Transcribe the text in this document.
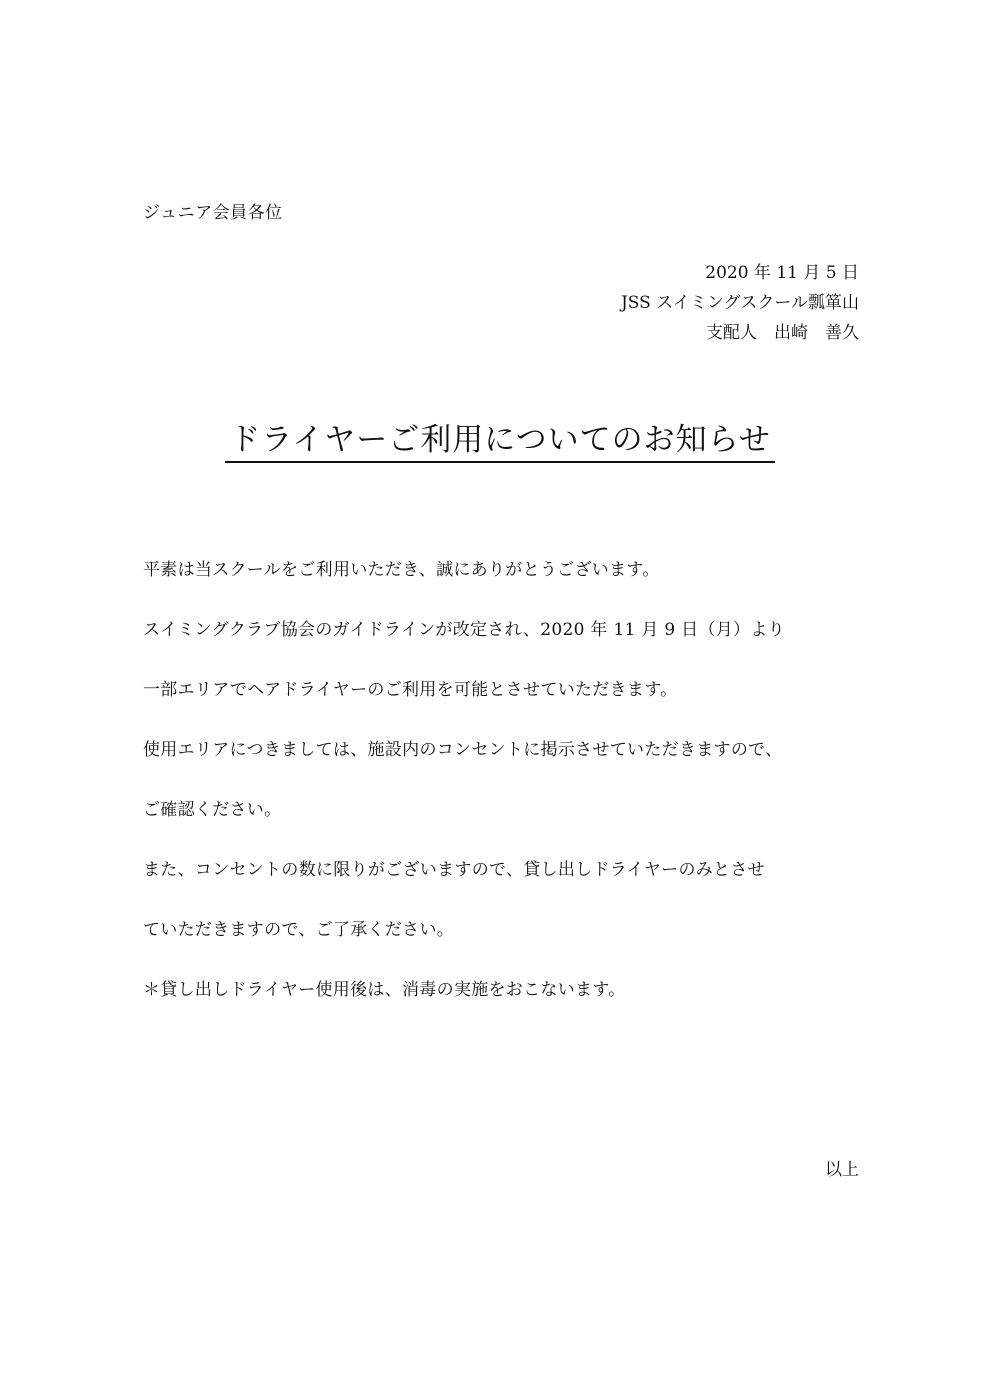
ジュニア会員各位
2020 年 11 月 5 日
JSS スイミングスクール瓢箪山
支配人　出崎　善久
ドライヤーご利用についてのお知らせ
平素は当スクールをご利用いただき、誠にありがとうございます。
スイミングクラブ協会のガイドラインが改定され、2020 年 11 月 9 日（月）より
一部エリアでヘアドライヤーのご利用を可能とさせていただきます。
使用エリアにつきましては、施設内のコンセントに掲示させていただきますので、
ご確認ください。
また、コンセントの数に限りがございますので、貸し出しドライヤーのみとさせ
ていただきますので、ご了承ください。
＊貸し出しドライヤー使用後は、消毒の実施をおこないます。
以上
